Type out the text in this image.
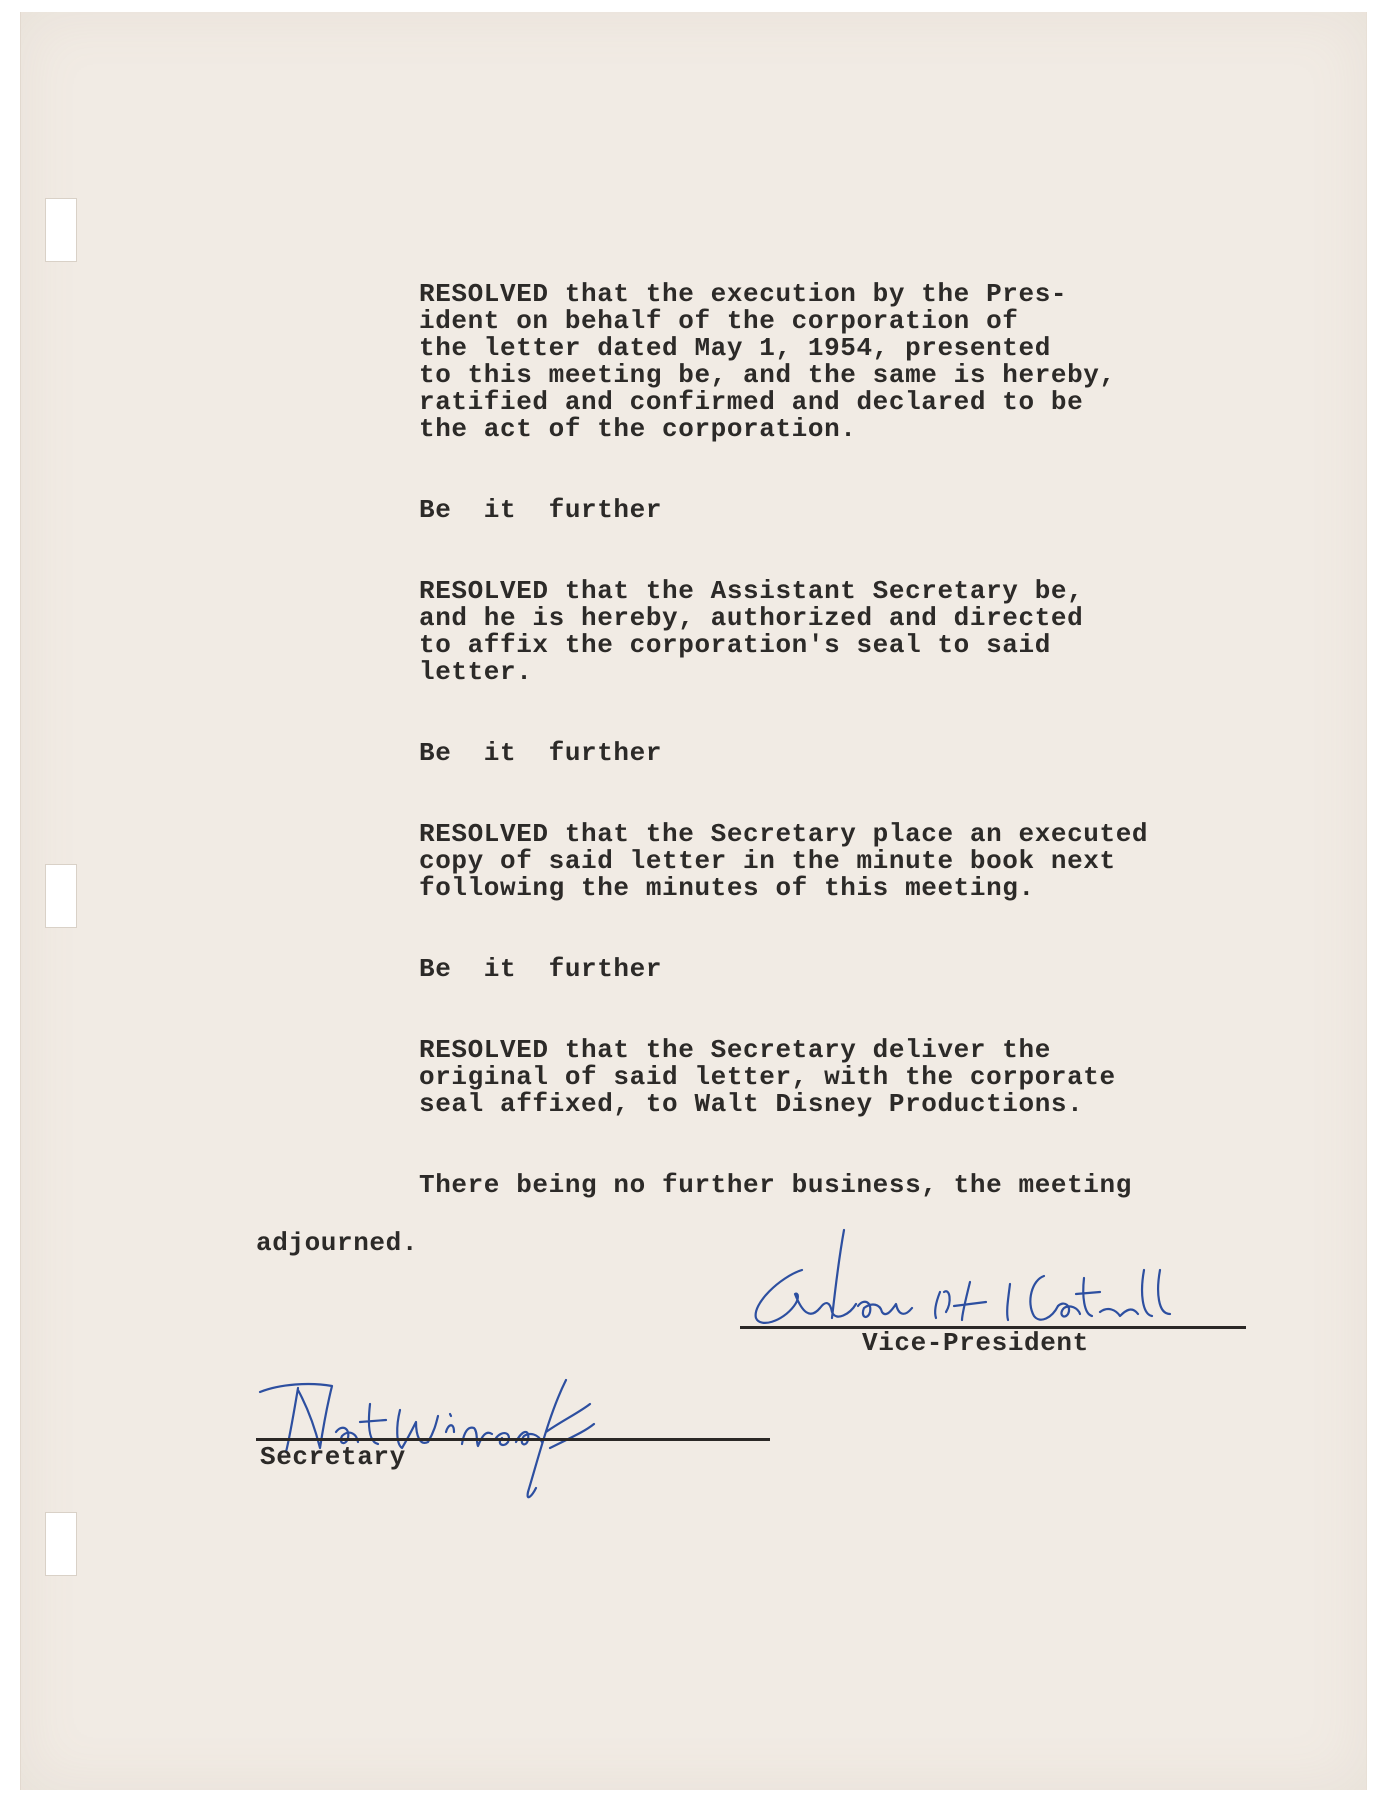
RESOLVED that the execution by the Pres-
ident on behalf of the corporation of
the letter dated May 1, 1954, presented
to this meeting be, and the same is hereby,
ratified and confirmed and declared to be
the act of the corporation.
Be  it  further
RESOLVED that the Assistant Secretary be,
and he is hereby, authorized and directed
to affix the corporation's seal to said
letter.
Be  it  further
RESOLVED that the Secretary place an executed
copy of said letter in the minute book next
following the minutes of this meeting.
Be  it  further
RESOLVED that the Secretary deliver the
original of said letter, with the corporate
seal affixed, to Walt Disney Productions.
There being no further business, the meeting
adjourned.
Vice-President
Secretary
